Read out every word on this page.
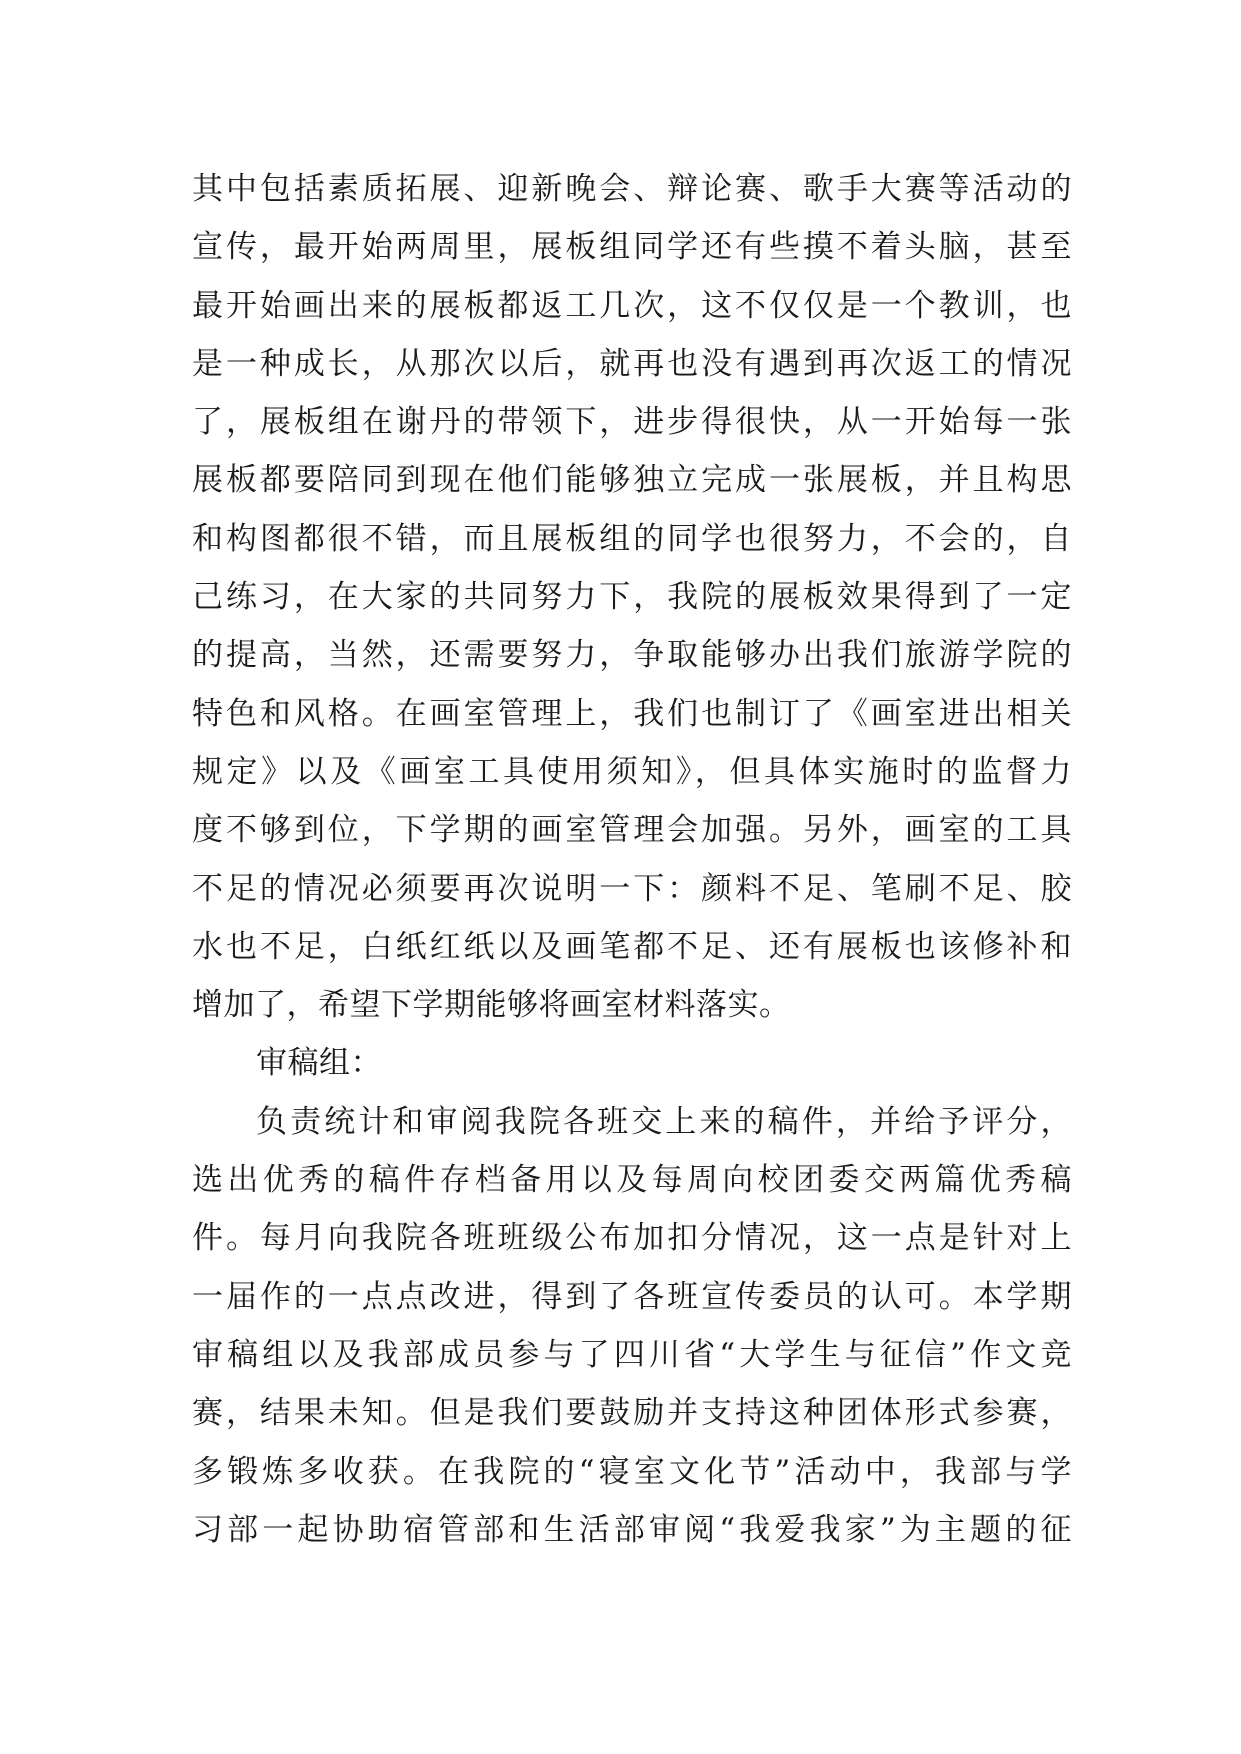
其中包括素质拓展、迎新晚会、辩论赛、歌手大赛等活动的
宣传，最开始两周里，展板组同学还有些摸不着头脑，甚至
最开始画出来的展板都返工几次，这不仅仅是一个教训，也
是一种成长，从那次以后，就再也没有遇到再次返工的情况
了，展板组在谢丹的带领下，进步得很快，从一开始每一张
展板都要陪同到现在他们能够独立完成一张展板，并且构思
和构图都很不错，而且展板组的同学也很努力，不会的，自
己练习，在大家的共同努力下，我院的展板效果得到了一定
的提高，当然，还需要努力，争取能够办出我们旅游学院的
特色和风格。在画室管理上，我们也制订了《画室进出相关
规定》以及《画室工具使用须知》，但具体实施时的监督力
度不够到位，下学期的画室管理会加强。另外，画室的工具
不足的情况必须要再次说明一下：颜料不足、笔刷不足、胶
水也不足，白纸红纸以及画笔都不足、还有展板也该修补和
增加了，希望下学期能够将画室材料落实。
审稿组：
负责统计和审阅我院各班交上来的稿件，并给予评分，
选出优秀的稿件存档备用以及每周向校团委交两篇优秀稿
件。每月向我院各班班级公布加扣分情况，这一点是针对上
一届作的一点点改进，得到了各班宣传委员的认可。本学期
审稿组以及我部成员参与了四川省“大学生与征信”作文竞
赛，结果未知。但是我们要鼓励并支持这种团体形式参赛，
多锻炼多收获。在我院的“寝室文化节”活动中，我部与学
习部一起协助宿管部和生活部审阅“我爱我家”为主题的征
